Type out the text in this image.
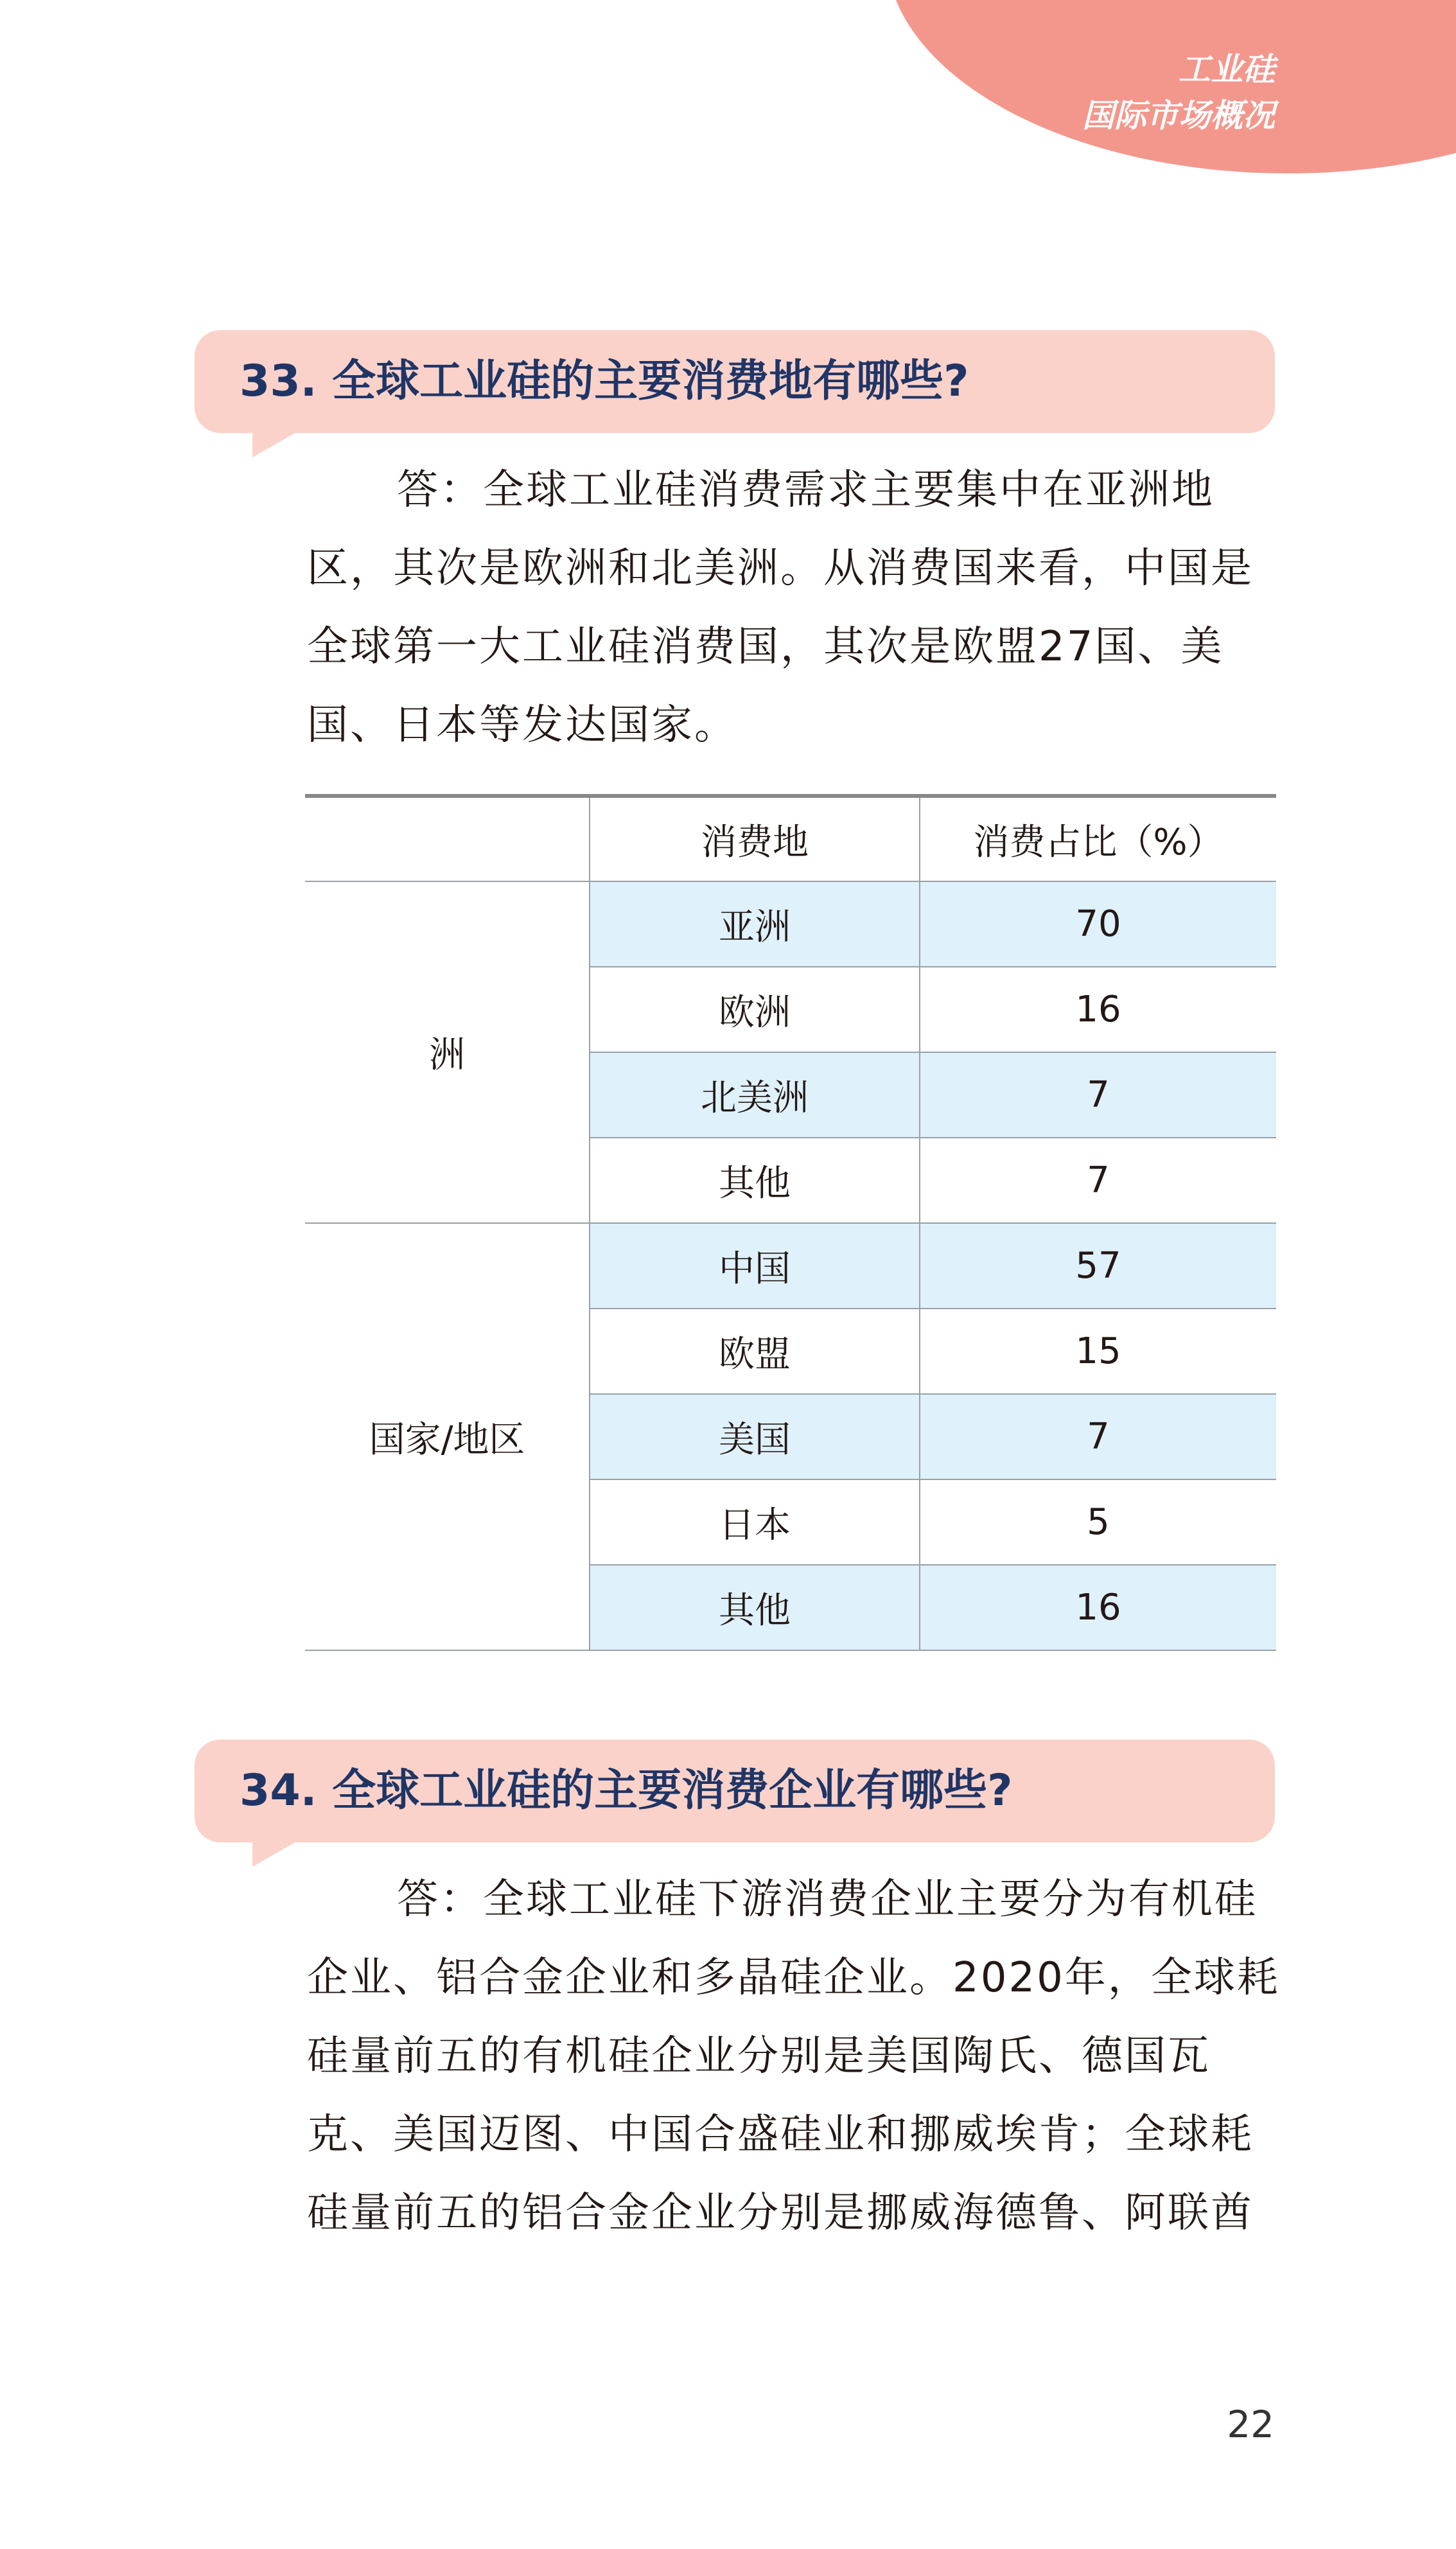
工业硅
国际市场概况
33. 全球工业硅的主要消费地有哪些?
答：全球工业硅消费需求主要集中在亚洲地
区，其次是欧洲和北美洲。从消费国来看，中国是
全球第一大工业硅消费国，其次是欧盟27国、美
国、日本等发达国家。
	消费地	消费占比（%）
洲	亚洲	70
	欧洲	16
	北美洲	7
	其他	7
国家/地区	中国	57
	欧盟	15
	美国	7
	日本	5
	其他	16
34. 全球工业硅的主要消费企业有哪些?
答：全球工业硅下游消费企业主要分为有机硅
企业、铝合金企业和多晶硅企业。2020年，全球耗
硅量前五的有机硅企业分别是美国陶氏、德国瓦
克、美国迈图、中国合盛硅业和挪威埃肯；全球耗
硅量前五的铝合金企业分别是挪威海德鲁、阿联酋
22
